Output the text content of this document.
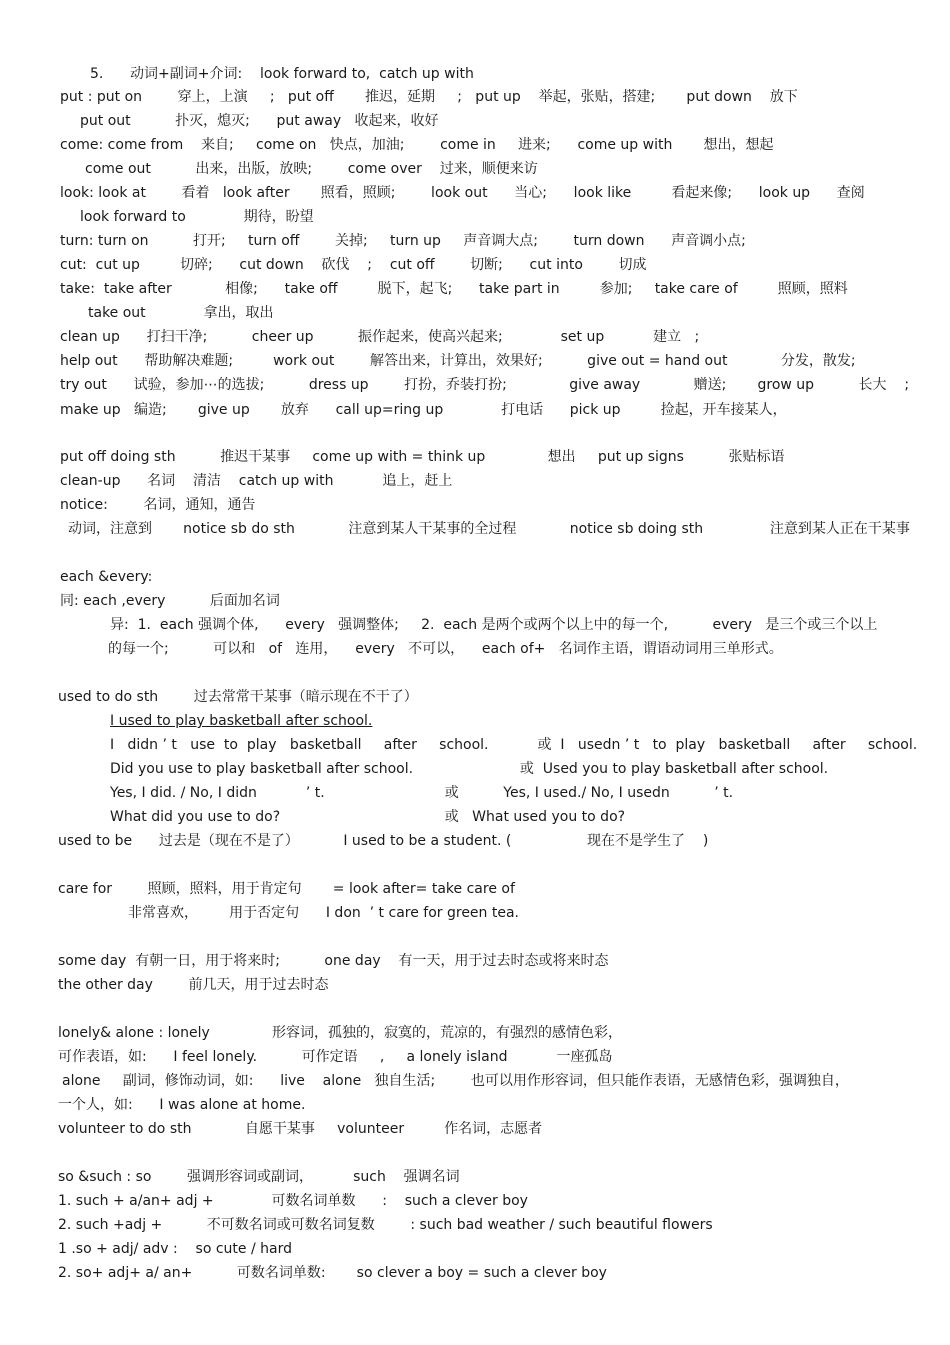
5.      动词+副词+介词:    look forward to,  catch up with
put : put on        穿上，上演     ;   put off       推迟，延期     ;   put up    举起，张贴，搭建;       put down    放下
put out          扑灭，熄灭;      put away   收起来，收好
come: come from    来自;     come on   快点，加油;        come in     进来;      come up with       想出，想起
come out          出来，出版，放映;        come over    过来，顺便来访
look: look at        看着   look after       照看，照顾;        look out      当心;      look like         看起来像;      look up      查阅
look forward to             期待，盼望
turn: turn on          打开;     turn off        关掉;     turn up     声音调大点;        turn down      声音调小点;
cut:  cut up         切碎;      cut down    砍伐    ;    cut off        切断;      cut into        切成
take:  take after            相像;      take off         脱下，起飞;      take part in         参加;     take care of         照顾，照料
take out             拿出，取出
clean up      打扫干净;          cheer up          振作起来，使高兴起来;             set up           建立   ;
help out      帮助解决难题;         work out        解答出来，计算出，效果好;          give out = hand out            分发，散发;
try out      试验，参加⋯的选拔;          dress up        打扮，乔装打扮;              give away            赠送;       grow up          长大    ;
make up   编造;       give up       放弃      call up=ring up             打电话      pick up         捡起，开车接某人，
put off doing sth          推迟干某事     come up with = think up              想出     put up signs          张贴标语
clean-up      名词    清洁    catch up with           追上，赶上
notice:        名词，通知，通告
动词，注意到       notice sb do sth            注意到某人干某事的全过程            notice sb doing sth               注意到某人正在干某事
each &every:
同: each ,every          后面加名词
异:  1.  each 强调个体,      every   强调整体;     2.  each 是两个或两个以上中的每一个,          every   是三个或三个以上
的每一个;          可以和   of   连用，    every   不可以，    each of+   名词作主语，谓语动词用三单形式。
used to do sth        过去常常干某事（暗示现在不干了）
I used to play basketball after school.
I   didn ’ t   use  to  play   basketball     after     school.           或  I   usedn ’ t   to  play   basketball     after     school.
Did you use to play basketball after school.                        或  Used you to play basketball after school.
Yes, I did. / No, I didn           ’ t.                           或          Yes, I used./ No, I usedn          ’ t.
What did you use to do?                                     或   What used you to do?
used to be      过去是（现在不是了）          I used to be a student. (                 现在不是学生了    )
care for        照顾，照料，用于肯定句       = look after= take care of
非常喜欢，       用于否定句      I don  ’ t care for green tea.
some day  有朝一日，用于将来时;          one day    有一天，用于过去时态或将来时态
the other day        前几天，用于过去时态
lonely& alone : lonely              形容词，孤独的，寂寞的，荒凉的，有强烈的感情色彩，
可作表语，如:      I feel lonely.          可作定语     ,     a lonely island           一座孤岛
alone     副词，修饰动词，如:      live    alone   独自生活;        也可以用作形容词，但只能作表语，无感情色彩，强调独自，
一个人，如:      I was alone at home.
volunteer to do sth            自愿干某事     volunteer         作名词，志愿者
so &such : so        强调形容词或副词，         such    强调名词
1. such + a/an+ adj +             可数名词单数      :    such a clever boy
2. such +adj +          不可数名词或可数名词复数        : such bad weather / such beautiful flowers
1 .so + adj/ adv :    so cute / hard
2. so+ adj+ a/ an+          可数名词单数:       so clever a boy = such a clever boy
